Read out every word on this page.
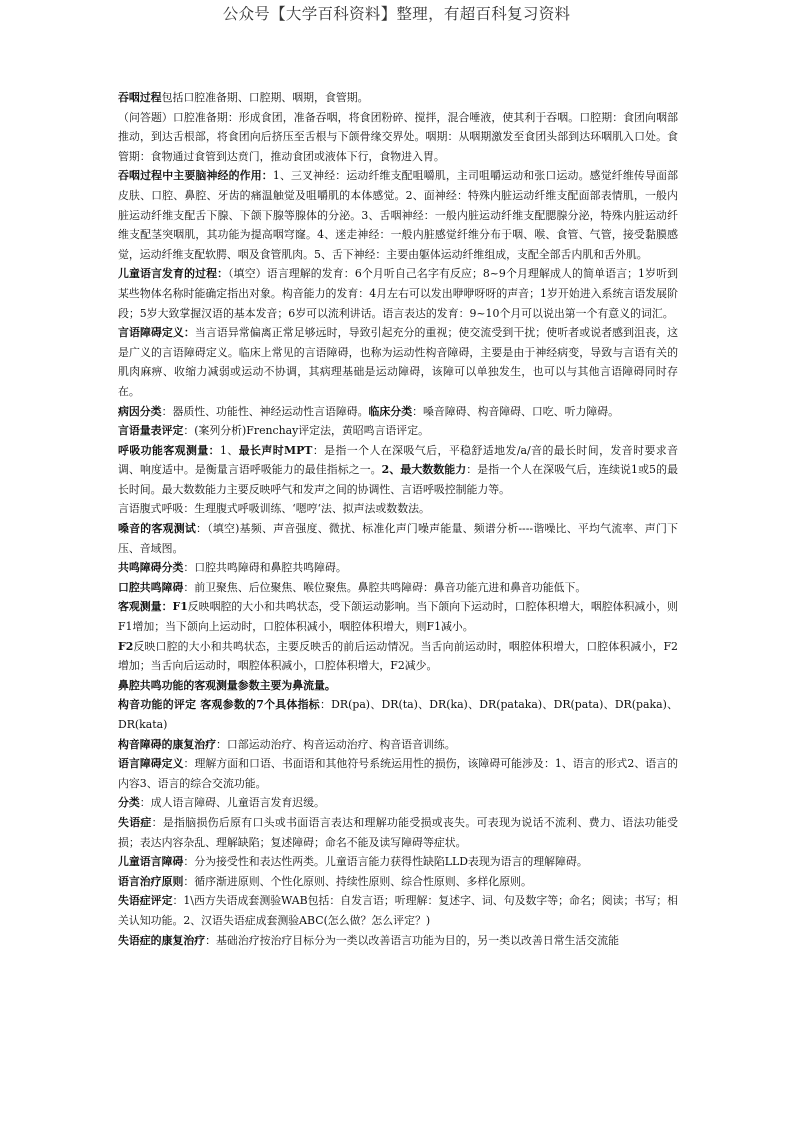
公众号【大学百科资料】整理，有超百科复习资料

吞咽过程包括口腔准备期、口腔期、咽期，食管期。

（问答题）口腔准备期：形成食团，准备吞咽，将食团粉碎、搅拌，混合唾液，使其利于吞咽。口腔期：食团向咽部推动，到达舌根部，将食团向后挤压至舌根与下颌骨缘交界处。咽期：从咽期激发至食团头部到达环咽肌入口处。食管期：食物通过食管到达贲门，推动食团或液体下行，食物进入胃。

吞咽过程中主要脑神经的作用：1、三叉神经：运动纤维支配咀嚼肌，主司咀嚼运动和张口运动。感觉纤维传导面部皮肤、口腔、鼻腔、牙齿的痛温触觉及咀嚼肌的本体感觉。2、面神经：特殊内脏运动纤维支配面部表情肌，一般内脏运动纤维支配舌下腺、下颌下腺等腺体的分泌。3、舌咽神经：一般内脏运动纤维支配腮腺分泌，特殊内脏运动纤维支配茎突咽肌，其功能为提高咽穹窿。4、迷走神经：一般内脏感觉纤维分布于咽、喉、食管、气管，接受黏膜感觉，运动纤维支配软腭、咽及食管肌肉。5、舌下神经：主要由躯体运动纤维组成，支配全部舌内肌和舌外肌。

儿童语言发育的过程：（填空）语言理解的发育：6个月听自己名字有反应；8~9个月理解成人的简单语言；1岁听到某些物体名称时能确定指出对象。构音能力的发育：4月左右可以发出咿咿呀呀的声音；1岁开始进入系统言语发展阶段；5岁大致掌握汉语的基本发音；6岁可以流利讲话。语言表达的发育：9~10个月可以说出第一个有意义的词汇。

言语障碍定义：当言语异常偏离正常足够远时，导致引起充分的重视；使交流受到干扰；使听者或说者感到沮丧，这是广义的言语障碍定义。临床上常见的言语障碍，也称为运动性构音障碍，主要是由于神经病变，导致与言语有关的肌肉麻痹、收缩力减弱或运动不协调，其病理基础是运动障碍，该障可以单独发生，也可以与其他言语障碍同时存在。

病因分类：器质性、功能性、神经运动性言语障碍。临床分类：嗓音障碍、构音障碍、口吃、听力障碍。

言语量表评定：(案列分析)Frenchay评定法，黄昭鸣言语评定。

呼吸功能客观测量：1、最长声时MPT：是指一个人在深吸气后，平稳舒适地发/a/音的最长时间，发音时要求音调、响度适中。是衡量言语呼吸能力的最佳指标之一。2、最大数数能力：是指一个人在深吸气后，连续说1或5的最长时间。最大数数能力主要反映呼气和发声之间的协调性、言语呼吸控制能力等。

言语腹式呼吸：生理腹式呼吸训练、‘嗯哼‘法、拟声法或数数法。

嗓音的客观测试：（填空)基频、声音强度、微扰、标准化声门噪声能量、频谱分析----谐噪比、平均气流率、声门下压、音域图。

共鸣障碍分类：口腔共鸣障碍和鼻腔共鸣障碍。

口腔共鸣障碍：前卫聚焦、后位聚焦、喉位聚焦。鼻腔共鸣障碍：鼻音功能亢进和鼻音功能低下。

客观测量：F1反映咽腔的大小和共鸣状态，受下颌运动影响。当下颌向下运动时，口腔体积增大，咽腔体积减小，则F1增加；当下颌向上运动时，口腔体积减小，咽腔体积增大，则F1减小。

F2反映口腔的大小和共鸣状态，主要反映舌的前后运动情况。当舌向前运动时，咽腔体积增大，口腔体积减小，F2增加；当舌向后运动时，咽腔体积减小，口腔体积增大，F2减少。

鼻腔共鸣功能的客观测量参数主要为鼻流量。

构音功能的评定 客观参数的7个具体指标：DR(pa)、DR(ta)、DR(ka)、DR(pataka)、DR(pata)、DR(paka)、DR(kata)

构音障碍的康复治疗：口部运动治疗、构音运动治疗、构音语音训练。

语言障碍定义：理解方面和口语、书面语和其他符号系统运用性的损伤，该障碍可能涉及：1、语言的形式2、语言的内容3、语言的综合交流功能。

分类：成人语言障碍、儿童语言发育迟缓。

失语症：是指脑损伤后原有口头或书面语言表达和理解功能受损或丧失。可表现为说话不流利、费力、语法功能受损；表达内容杂乱、理解缺陷；复述障碍；命名不能及读写障碍等症状。

儿童语言障碍：分为接受性和表达性两类。儿童语言能力获得性缺陷LLD表现为语言的理解障碍。

语言治疗原则：循序渐进原则、个性化原则、持续性原则、综合性原则、多样化原则。

失语症评定：1\西方失语成套测验WAB包括：自发言语；听理解：复述字、词、句及数字等；命名；阅读；书写；相关认知功能。2、汉语失语症成套测验ABC(怎么做？怎么评定？)

失语症的康复治疗：基础治疗按治疗目标分为一类以改善语言功能为目的，另一类以改善日常生活交流能
